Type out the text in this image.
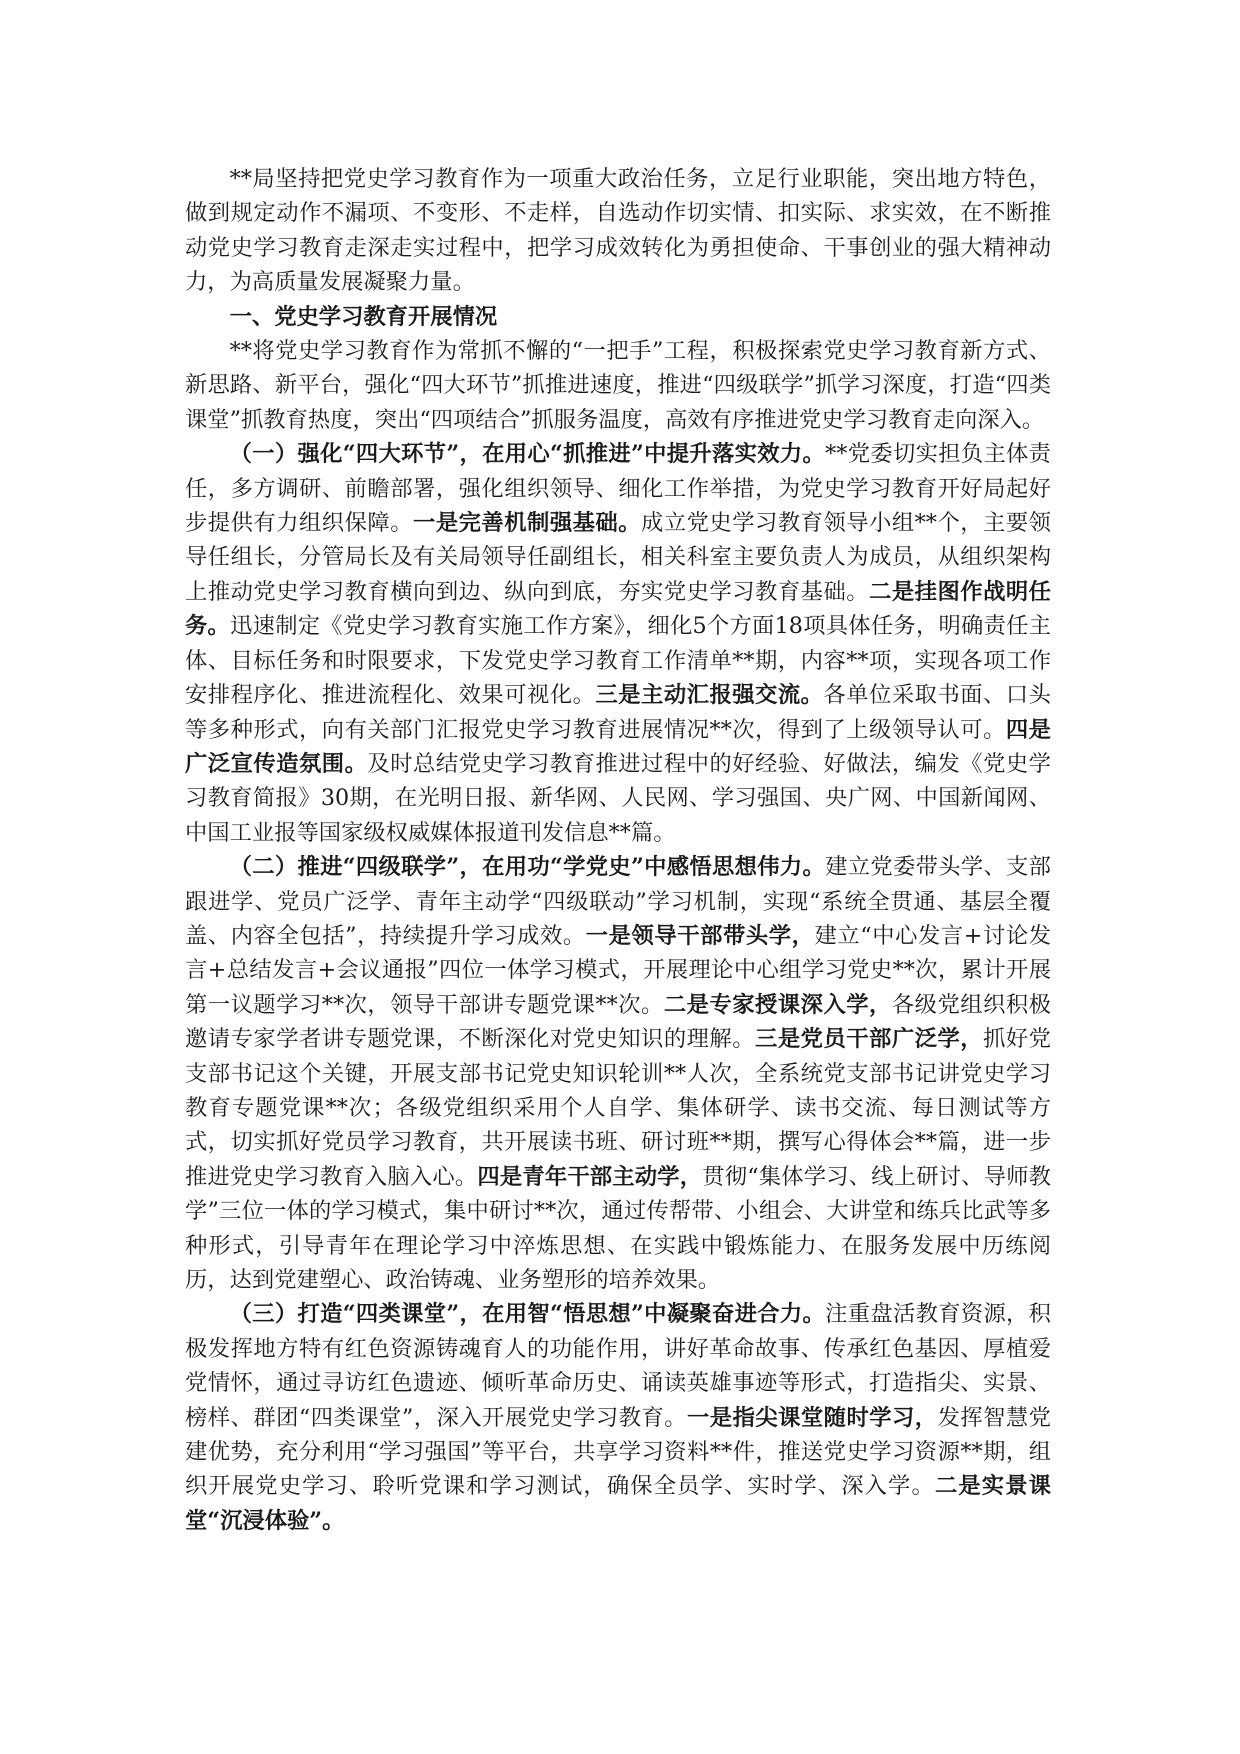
**局坚持把党史学习教育作为一项重大政治任务，立足行业职能，突出地方特色，做到规定动作不漏项、不变形、不走样，自选动作切实情、扣实际、求实效，在不断推动党史学习教育走深走实过程中，把学习成效转化为勇担使命、干事创业的强大精神动力，为高质量发展凝聚力量。

一、党史学习教育开展情况

**将党史学习教育作为常抓不懈的“一把手”工程，积极探索党史学习教育新方式、新思路、新平台，强化“四大环节”抓推进速度，推进“四级联学”抓学习深度，打造“四类课堂”抓教育热度，突出“四项结合”抓服务温度，高效有序推进党史学习教育走向深入。

（一）强化“四大环节”，在用心“抓推进”中提升落实效力。**党委切实担负主体责任，多方调研、前瞻部署，强化组织领导、细化工作举措，为党史学习教育开好局起好步提供有力组织保障。一是完善机制强基础。成立党史学习教育领导小组**个，主要领导任组长，分管局长及有关局领导任副组长，相关科室主要负责人为成员，从组织架构上推动党史学习教育横向到边、纵向到底，夯实党史学习教育基础。二是挂图作战明任务。迅速制定《党史学习教育实施工作方案》，细化5个方面18项具体任务，明确责任主体、目标任务和时限要求，下发党史学习教育工作清单**期，内容**项，实现各项工作安排程序化、推进流程化、效果可视化。三是主动汇报强交流。各单位采取书面、口头等多种形式，向有关部门汇报党史学习教育进展情况**次，得到了上级领导认可。四是广泛宣传造氛围。及时总结党史学习教育推进过程中的好经验、好做法，编发《党史学习教育简报》30期，在光明日报、新华网、人民网、学习强国、央广网、中国新闻网、中国工业报等国家级权威媒体报道刊发信息**篇。

（二）推进“四级联学”，在用功“学党史”中感悟思想伟力。建立党委带头学、支部跟进学、党员广泛学、青年主动学“四级联动”学习机制，实现“系统全贯通、基层全覆盖、内容全包括”，持续提升学习成效。一是领导干部带头学，建立“中心发言+讨论发言+总结发言+会议通报”四位一体学习模式，开展理论中心组学习党史**次，累计开展第一议题学习**次，领导干部讲专题党课**次。二是专家授课深入学，各级党组织积极邀请专家学者讲专题党课，不断深化对党史知识的理解。三是党员干部广泛学，抓好党支部书记这个关键，开展支部书记党史知识轮训**人次，全系统党支部书记讲党史学习教育专题党课**次；各级党组织采用个人自学、集体研学、读书交流、每日测试等方式，切实抓好党员学习教育，共开展读书班、研讨班**期，撰写心得体会**篇，进一步推进党史学习教育入脑入心。四是青年干部主动学，贯彻“集体学习、线上研讨、导师教学”三位一体的学习模式，集中研讨**次，通过传帮带、小组会、大讲堂和练兵比武等多种形式，引导青年在理论学习中淬炼思想、在实践中锻炼能力、在服务发展中历练阅历，达到党建塑心、政治铸魂、业务塑形的培养效果。

（三）打造“四类课堂”，在用智“悟思想”中凝聚奋进合力。注重盘活教育资源，积极发挥地方特有红色资源铸魂育人的功能作用，讲好革命故事、传承红色基因、厚植爱党情怀，通过寻访红色遗迹、倾听革命历史、诵读英雄事迹等形式，打造指尖、实景、榜样、群团“四类课堂”，深入开展党史学习教育。一是指尖课堂随时学习，发挥智慧党建优势，充分利用“学习强国”等平台，共享学习资料**件，推送党史学习资源**期，组织开展党史学习、聆听党课和学习测试，确保全员学、实时学、深入学。二是实景课堂“沉浸体验”。
